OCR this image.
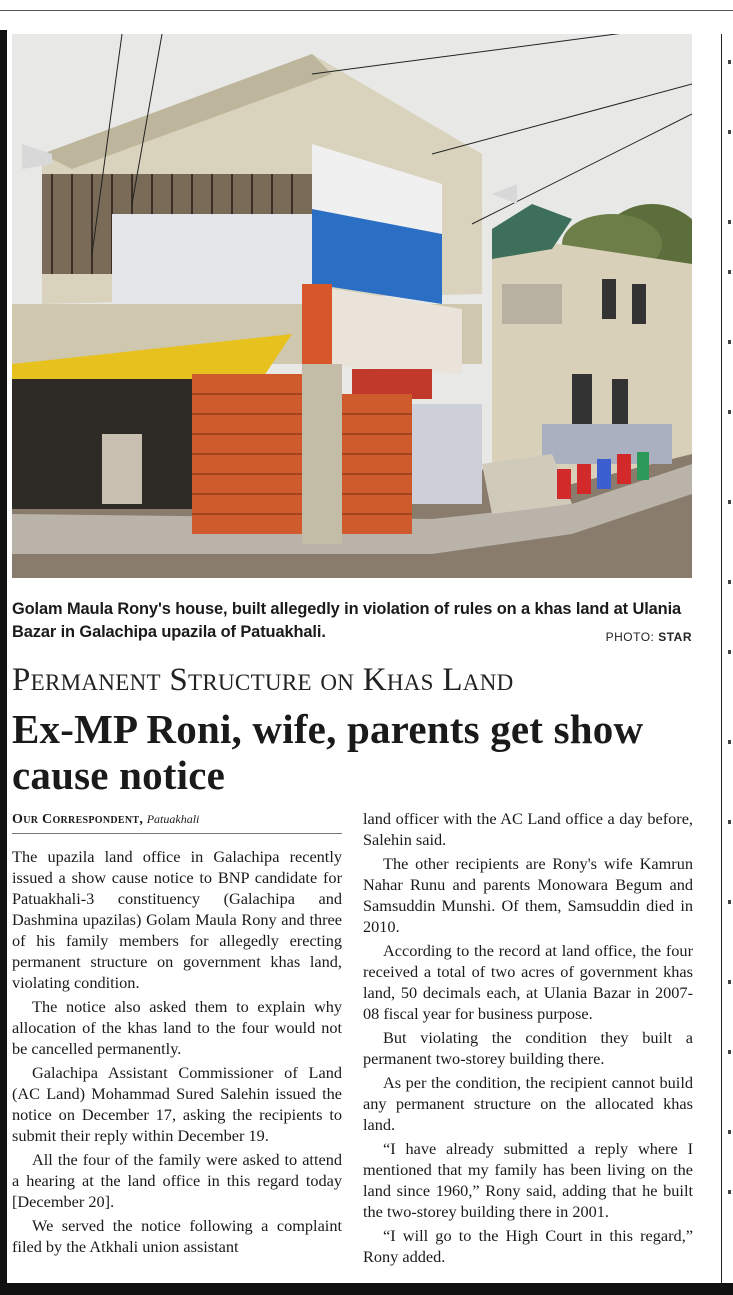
Golam Maula Rony's house, built allegedly in violation of rules on a khas land at Ulania Bazar in Galachipa upazila of Patuakhali.	PHOTO: STAR
Permanent Structure on Khas Land
Ex-MP Roni, wife, parents get show cause notice
Our Correspondent, Patuakhali

The upazila land office in Galachipa recently issued a show cause notice to BNP candidate for Patuakhali-3 constituency (Galachipa and Dashmina upazilas) Golam Maula Rony and three of his family members for allegedly erecting permanent structure on government khas land, violating condition.

The notice also asked them to explain why allocation of the khas land to the four would not be cancelled permanently.

Galachipa Assistant Commissioner of Land (AC Land) Mohammad Sured Salehin issued the notice on December 17, asking the recipients to submit their reply within December 19.

All the four of the family were asked to attend a hearing at the land office in this regard today [December 20].

We served the notice following a complaint filed by the Atkhali union assistant

land officer with the AC Land office a day before, Salehin said.

The other recipients are Rony's wife Kamrun Nahar Runu and parents Monowara Begum and Samsuddin Munshi. Of them, Samsuddin died in 2010.

According to the record at land office, the four received a total of two acres of government khas land, 50 decimals each, at Ulania Bazar in 2007-08 fiscal year for business purpose.

But violating the condition they built a permanent two-storey building there.

As per the condition, the recipient cannot build any permanent structure on the allocated khas land.

“I have already submitted a reply where I mentioned that my family has been living on the land since 1960,” Rony said, adding that he built the two-storey building there in 2001.

“I will go to the High Court in this regard,” Rony added.
